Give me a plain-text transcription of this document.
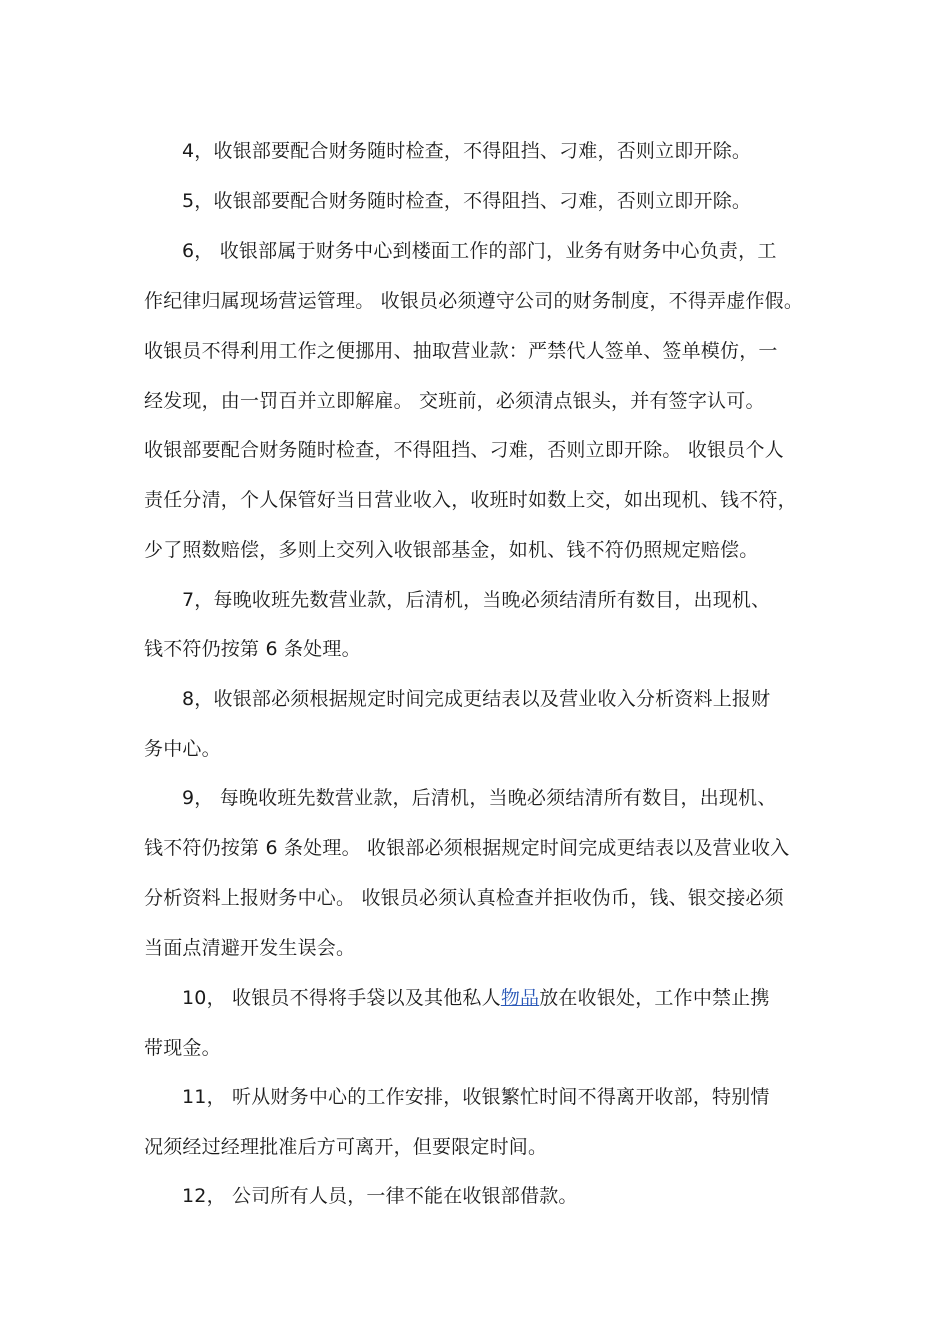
4，收银部要配合财务随时检查，不得阻挡、刁难，否则立即开除。
5，收银部要配合财务随时检查，不得阻挡、刁难，否则立即开除。
6， 收银部属于财务中心到楼面工作的部门，业务有财务中心负责，工
作纪律归属现场营运管理。 收银员必须遵守公司的财务制度，不得弄虚作假。
收银员不得利用工作之便挪用、抽取营业款：严禁代人签单、签单模仿，一
经发现，由一罚百并立即解雇。 交班前，必须清点银头，并有签字认可。
收银部要配合财务随时检查，不得阻挡、刁难，否则立即开除。 收银员个人
责任分清，个人保管好当日营业收入，收班时如数上交，如出现机、钱不符，
少了照数赔偿，多则上交列入收银部基金，如机、钱不符仍照规定赔偿。
7，每晚收班先数营业款，后清机，当晚必须结清所有数目，出现机、
钱不符仍按第 6 条处理。
8，收银部必须根据规定时间完成更结表以及营业收入分析资料上报财
务中心。
9， 每晚收班先数营业款，后清机，当晚必须结清所有数目，出现机、
钱不符仍按第 6 条处理。 收银部必须根据规定时间完成更结表以及营业收入
分析资料上报财务中心。 收银员必须认真检查并拒收伪币，钱、银交接必须
当面点清避开发生误会。
10， 收银员不得将手袋以及其他私人物品放在收银处，工作中禁止携
带现金。
11， 听从财务中心的工作安排，收银繁忙时间不得离开收部，特别情
况须经过经理批准后方可离开，但要限定时间。
12， 公司所有人员，一律不能在收银部借款。
